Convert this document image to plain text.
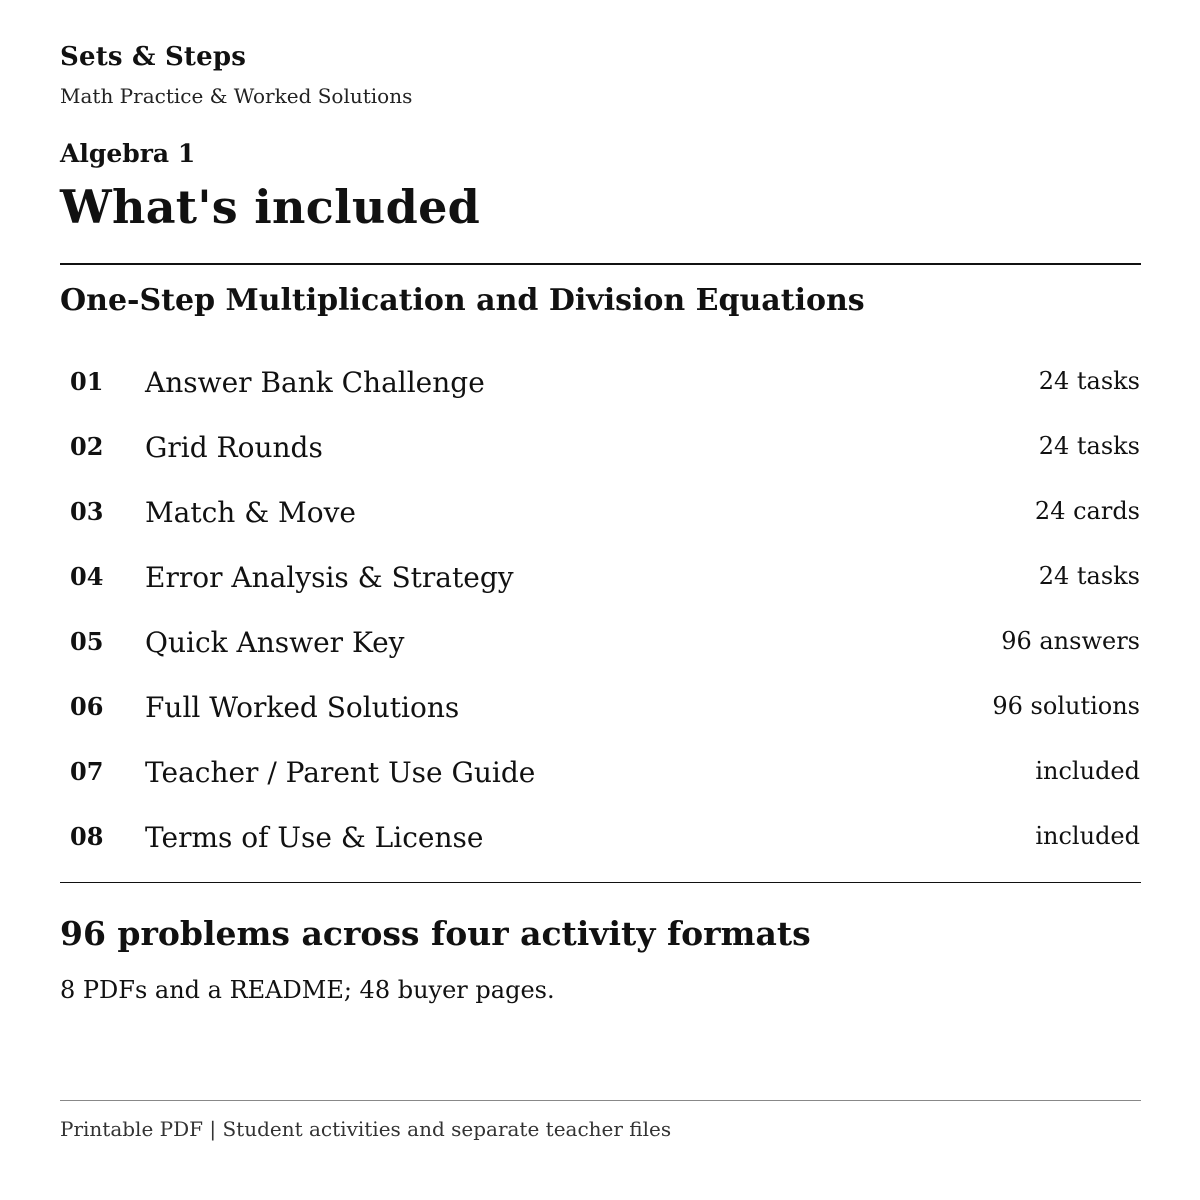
Sets & Steps
Math Practice & Worked Solutions
Algebra 1
What's included
One-Step Multiplication and Division Equations
01 Answer Bank Challenge	24 tasks
02 Grid Rounds	24 tasks
03 Match & Move	24 cards
04 Error Analysis & Strategy	24 tasks
05 Quick Answer Key	96 answers
06 Full Worked Solutions	96 solutions
07 Teacher / Parent Use Guide	included
08 Terms of Use & License	included
96 problems across four activity formats
8 PDFs and a README; 48 buyer pages.
Printable PDF | Student activities and separate teacher files
